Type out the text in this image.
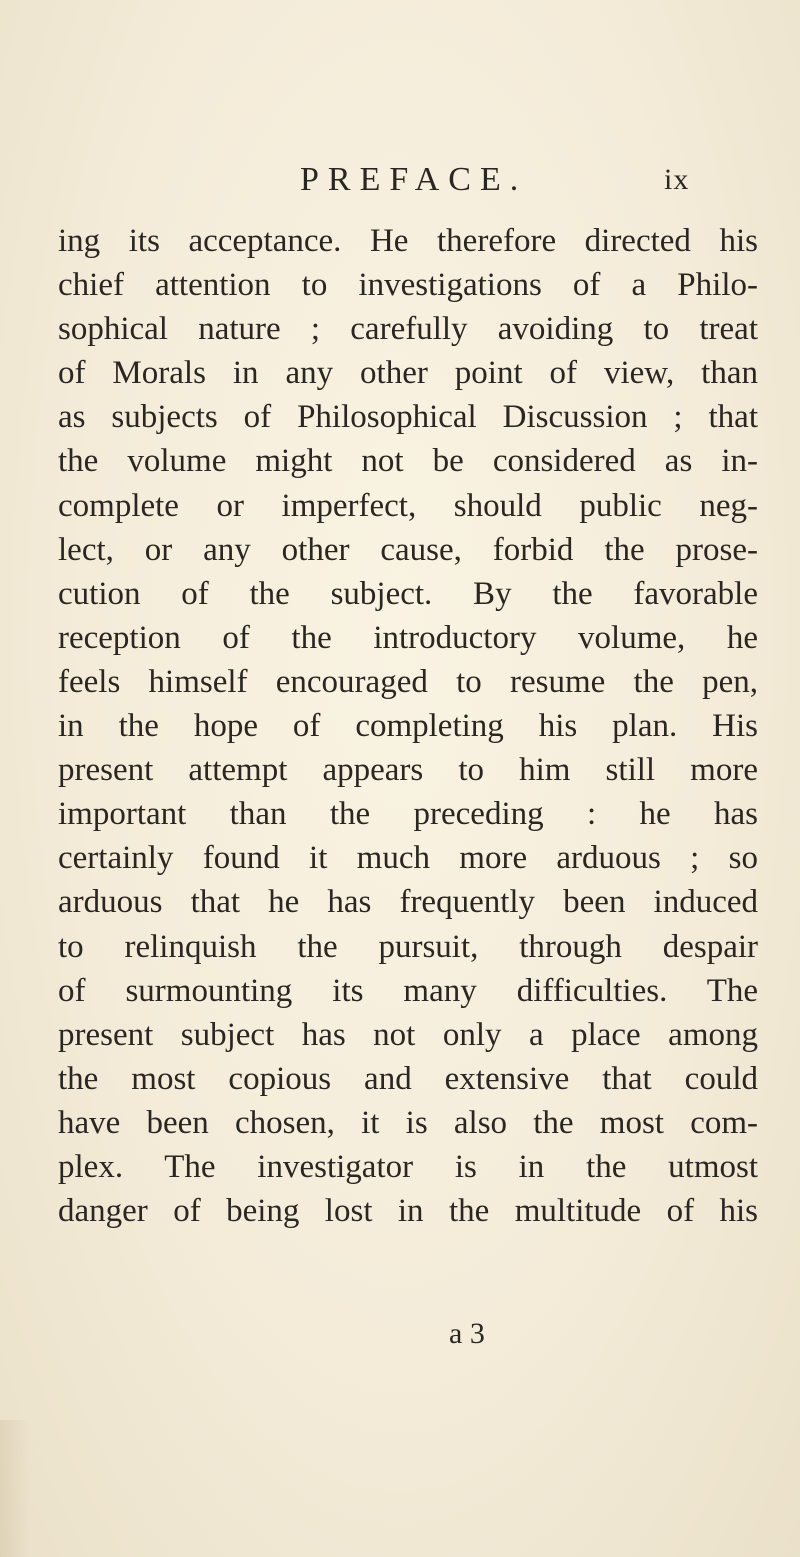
PREFACE.	ix
ing its acceptance. He therefore directed his
chief attention to investigations of a Philo-
sophical nature ; carefully avoiding to treat
of Morals in any other point of view, than
as subjects of Philosophical Discussion ; that
the volume might not be considered as in-
complete or imperfect, should public neg-
lect, or any other cause, forbid the prose-
cution of the subject. By the favorable
reception of the introductory volume, he
feels himself encouraged to resume the pen,
in the hope of completing his plan. His
present attempt appears to him still more
important than the preceding : he has
certainly found it much more arduous ; so
arduous that he has frequently been induced
to relinquish the pursuit, through despair
of surmounting its many difficulties. The
present subject has not only a place among
the most copious and extensive that could
have been chosen, it is also the most com-
plex. The investigator is in the utmost
danger of being lost in the multitude of his
a 3
